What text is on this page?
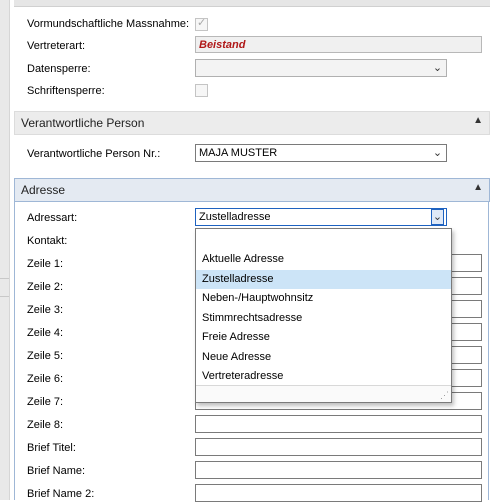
Vormundschaftliche Massnahme: ✓
Vertreterart:	Beistand
Datensperre:	⌄
Schriftensperre:
Verantwortliche Person	▲
Verantwortliche Person Nr.:	MAJA MUSTER	⌄
Adresse	▲
Adressart:	Zustelladresse	⌄
Kontakt:
Zeile 1:
Zeile 2:
Zeile 3:
Zeile 4:
Zeile 5:
Zeile 6:
Zeile 7:
Zeile 8:
Brief Titel:
Brief Name:
Brief Name 2:
Aktuelle Adresse
Zustelladresse
Neben-/Hauptwohnsitz
Stimmrechtsadresse
Freie Adresse
Neue Adresse
Vertreteradresse
⋰
